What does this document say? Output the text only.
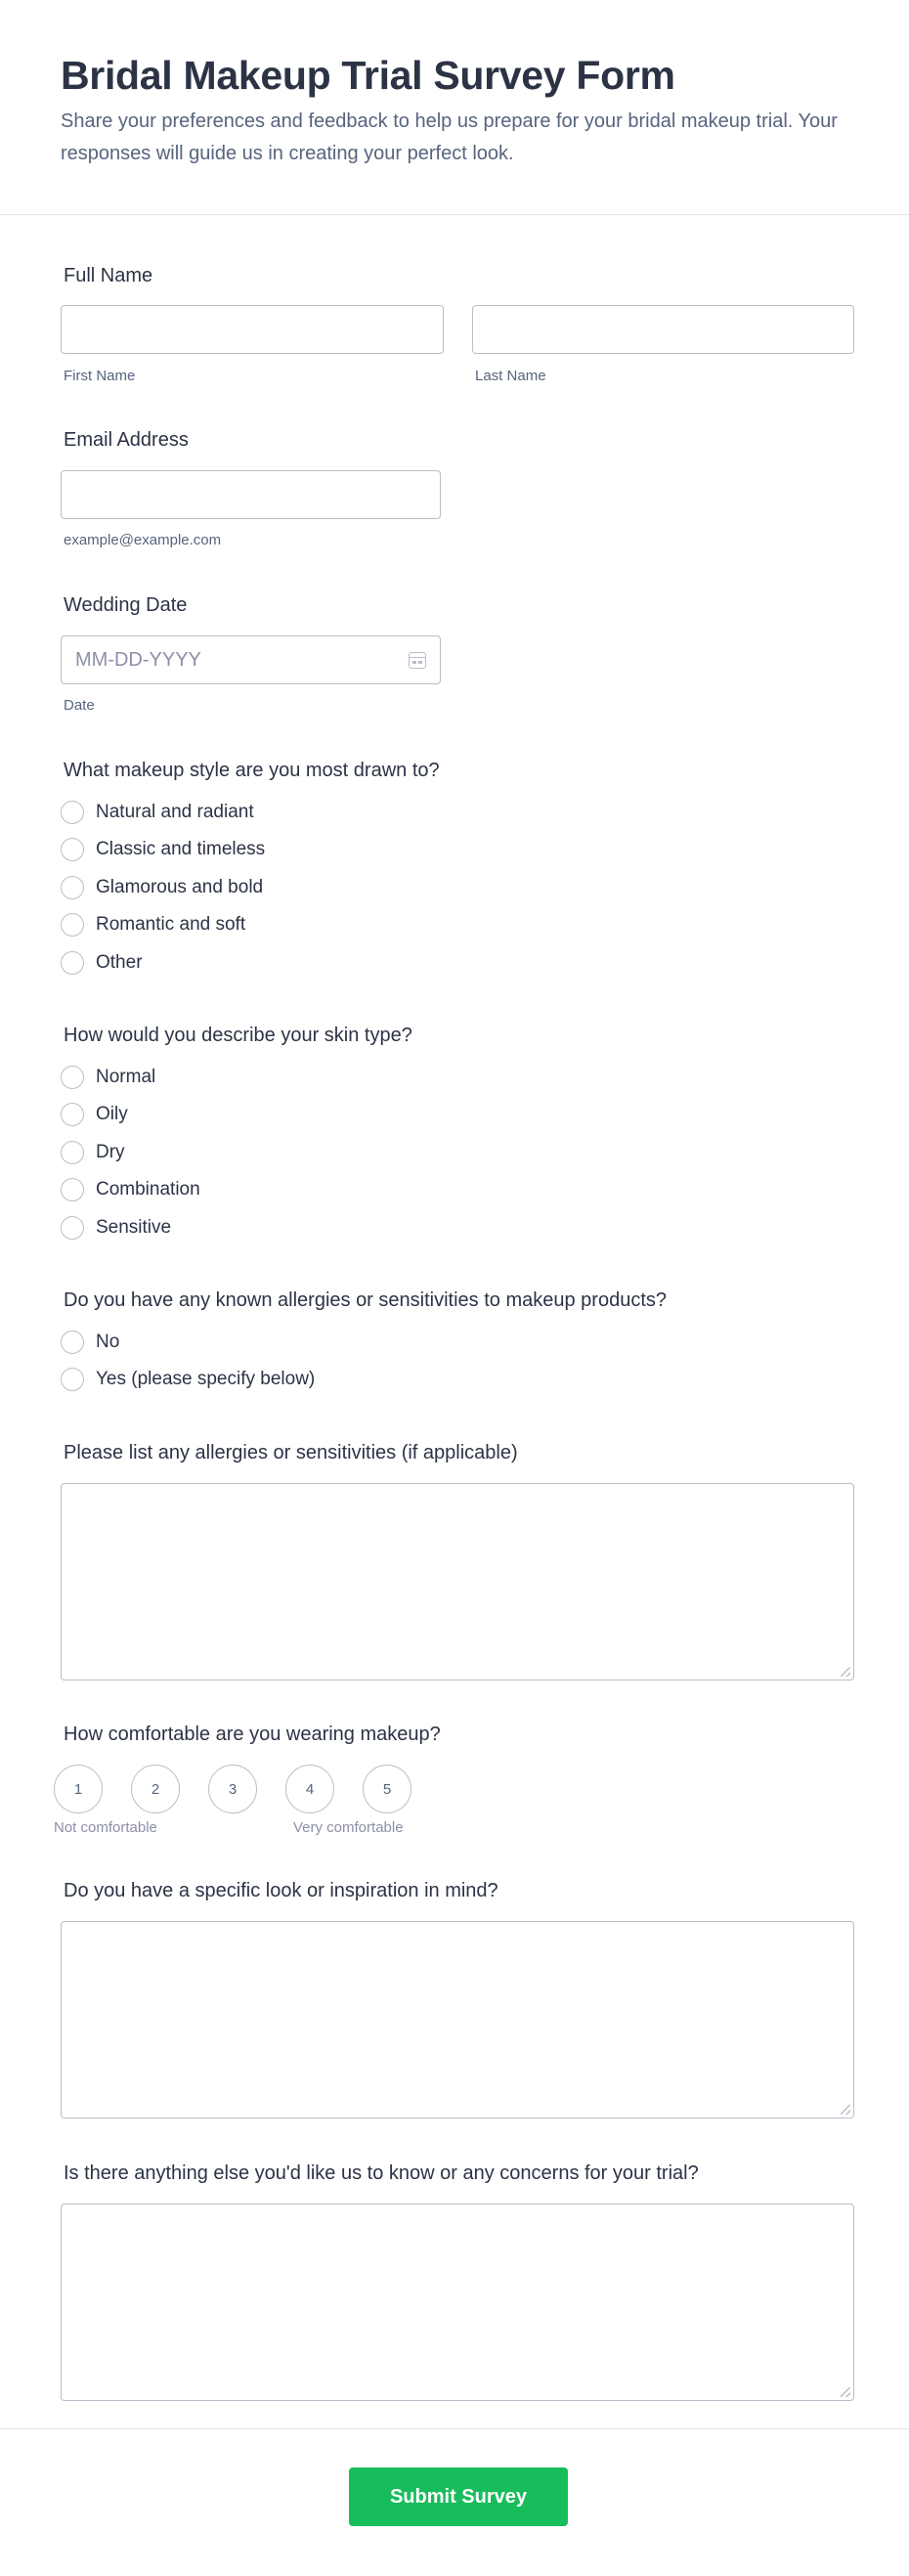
Bridal Makeup Trial Survey Form

Share your preferences and feedback to help us prepare for your bridal makeup trial. Your responses will guide us in creating your perfect look.

Full Name
First Name	Last Name
Email Address
example@example.com
Wedding Date
MM-DD-YYYY
Date
What makeup style are you most drawn to?
Natural and radiant
Classic and timeless
Glamorous and bold
Romantic and soft
Other
How would you describe your skin type?
Normal
Oily
Dry
Combination
Sensitive
Do you have any known allergies or sensitivities to makeup products?
No
Yes (please specify below)
Please list any allergies or sensitivities (if applicable)
How comfortable are you wearing makeup?
1	2	3	4	5
Not comfortable	Very comfortable
Do you have a specific look or inspiration in mind?
Is there anything else you'd like us to know or any concerns for your trial?
Submit Survey
